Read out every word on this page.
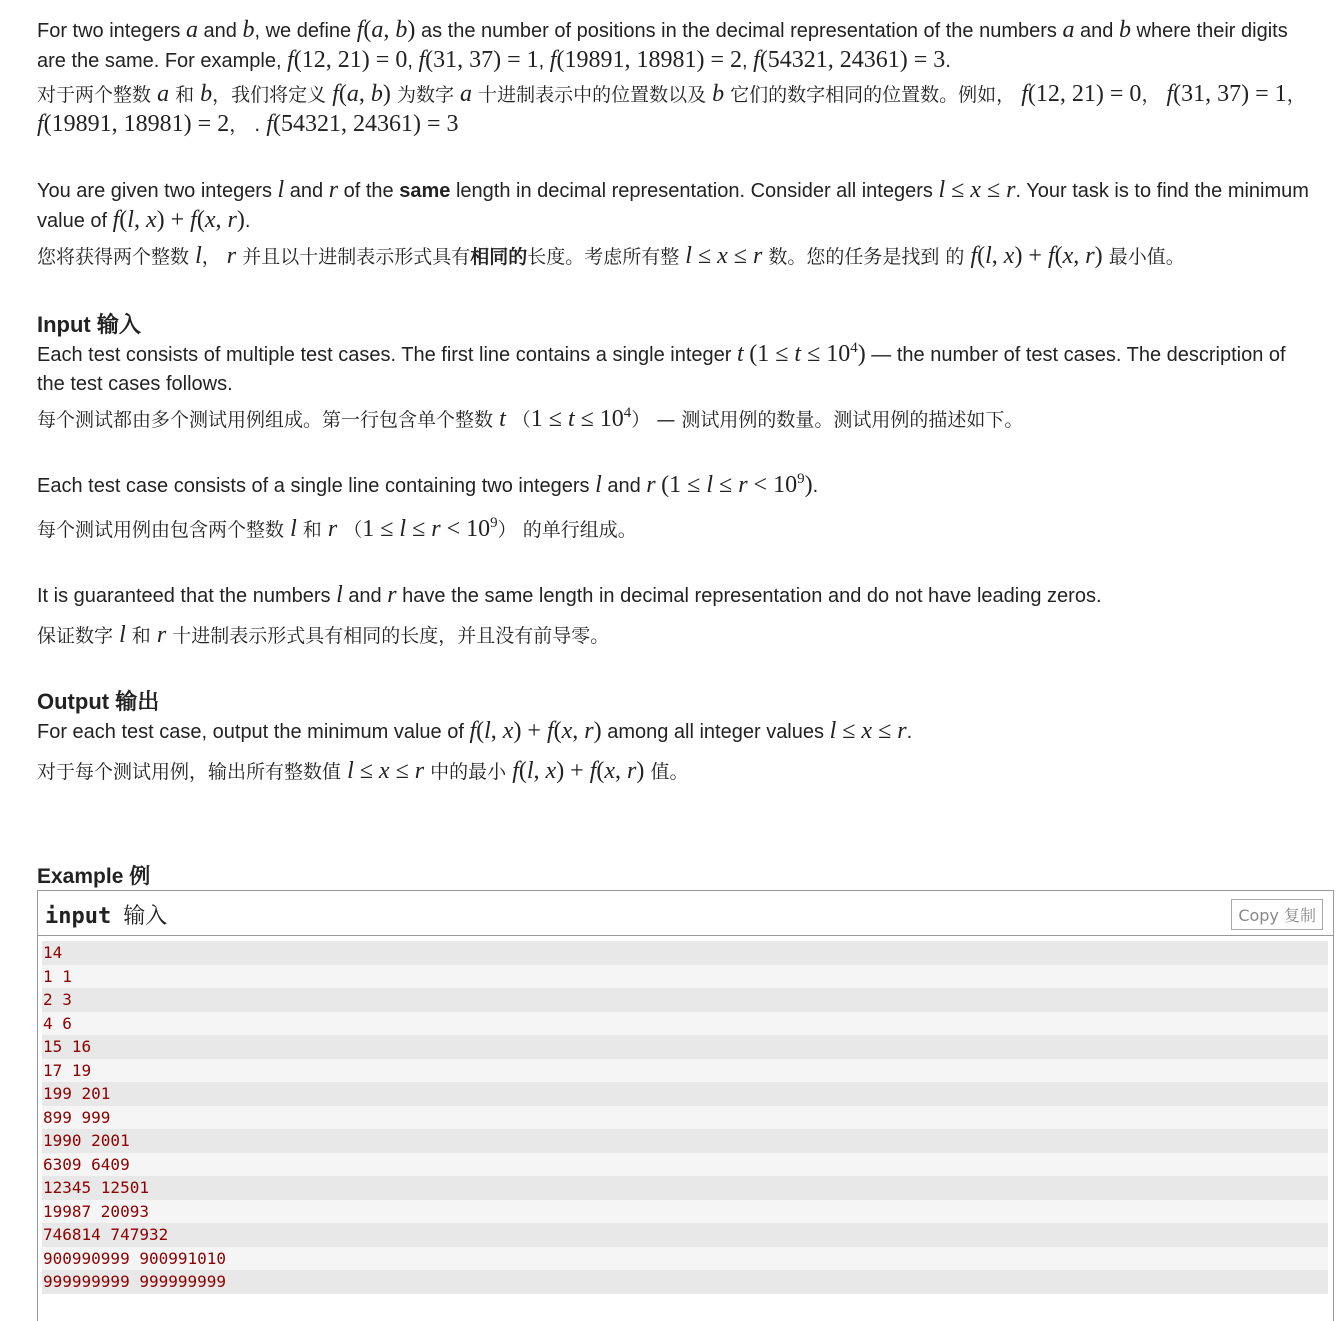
For two integers a and b, we define f(a, b) as the number of positions in the decimal representation of the numbers a and b where their digits are the same. For example, f(12, 21) = 0, f(31, 37) = 1, f(19891, 18981) = 2, f(54321, 24361) = 3.

对于两个整数 a 和 b，我们将定义 f(a, b) 为数字 a 十进制表示中的位置数以及 b 它们的数字相同的位置数。例如， f(12, 21) = 0， f(31, 37) = 1， f(19891, 18981) = 2， . f(54321, 24361) = 3

You are given two integers l and r of the same length in decimal representation. Consider all integers l ≤ x ≤ r. Your task is to find the minimum value of f(l, x) + f(x, r).

您将获得两个整数 l， r 并且以十进制表示形式具有相同的长度。考虑所有整 l ≤ x ≤ r 数。您的任务是找到 的 f(l, x) + f(x, r) 最小值。

Input 输入

Each test consists of multiple test cases. The first line contains a single integer t $(1 \le t \le 10^4)$ — the number of test cases. The description of the test cases follows.

每个测试都由多个测试用例组成。第一行包含单个整数 t $(1 \le t \le 10^4)$ — 测试用例的数量。测试用例的描述如下。

Each test case consists of a single line containing two integers l and r $(1 \le l \le r < 10^9)$.

每个测试用例由包含两个整数 l 和 r $(1 \le l \le r < 10^9)$ 的单行组成。

It is guaranteed that the numbers l and r have the same length in decimal representation and do not have leading zeros.

保证数字 l 和 r 十进制表示形式具有相同的长度，并且没有前导零。

Output 输出

For each test case, output the minimum value of f(l, x) + f(x, r) among all integer values l ≤ x ≤ r.

对于每个测试用例，输出所有整数值 l ≤ x ≤ r 中的最小 f(l, x) + f(x, r) 值。

Example 例
input 输入	Copy 复制
14
1 1
2 3
4 6
15 16
17 19
199 201
899 999
1990 2001
6309 6409
12345 12501
19987 20093
746814 747932
900990999 900991010
999999999 999999999
